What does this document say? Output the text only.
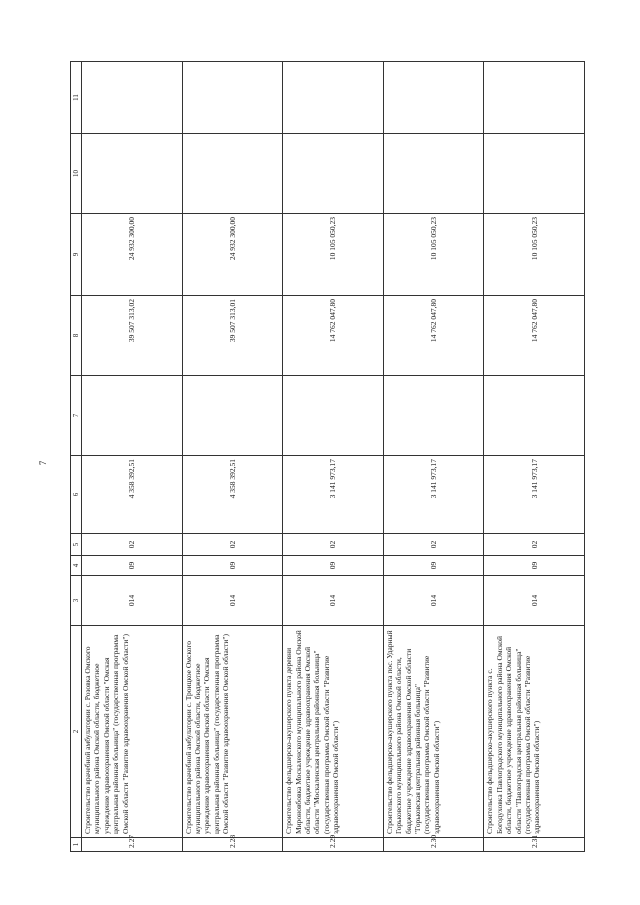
7
1	2	3	4	5	6	7	8	9	10	11
2.27	Строительство врачебной амбулатории с. Розовка Омского муниципального района Омской области, бюджетное учреждение здравоохранения Омской области "Омская центральная районная больница" (государственная программа Омской области "Развитие здравоохранения Омской области")	014	09	02	4 358 392,51		39 507 313,02	24 932 300,00		
2.28	Строительство врачебной амбулатории с. Троицкое Омского муниципального района Омской области, бюджетное учреждение здравоохранения Омской области "Омская центральная районная больница" (государственная программа Омской области "Развитие здравоохранения Омской области")	014	09	02	4 358 392,51		39 507 313,01	24 932 300,00		
2.29	Строительство фельдшерско-акушерского пункта деревни Мироновбовка Москаленского муниципального района Омской области, бюджетное учреждение здравоохранения Омской области "Москаленская центральная районная больница" (государственная программа Омской области "Развитие здравоохранения Омской области")	014	09	02	3 141 973,17		14 762 047,80	10 105 050,23		
2.30	Строительство фельдшерско-акушерского пункта пос. Ударный Горьковского муниципального района Омской области, бюджетное учреждение здравоохранения Омской области "Горьковская центральная районная больница" (государственная программа Омской области "Развитие здравоохранения Омской области")	014	09	02	3 141 973,17		14 762 047,80	10 105 050,23		
2.31	Строительство фельдшерско-акушерского пункта с. Богодуховка Павлоградского муниципального района Омской области, бюджетное учреждение здравоохранения Омской области "Павлоградская центральная районная больница" (государственная программа Омской области "Развитие здравоохранения Омской области")	014	09	02	3 141 973,17		14 762 047,80	10 105 050,23		
